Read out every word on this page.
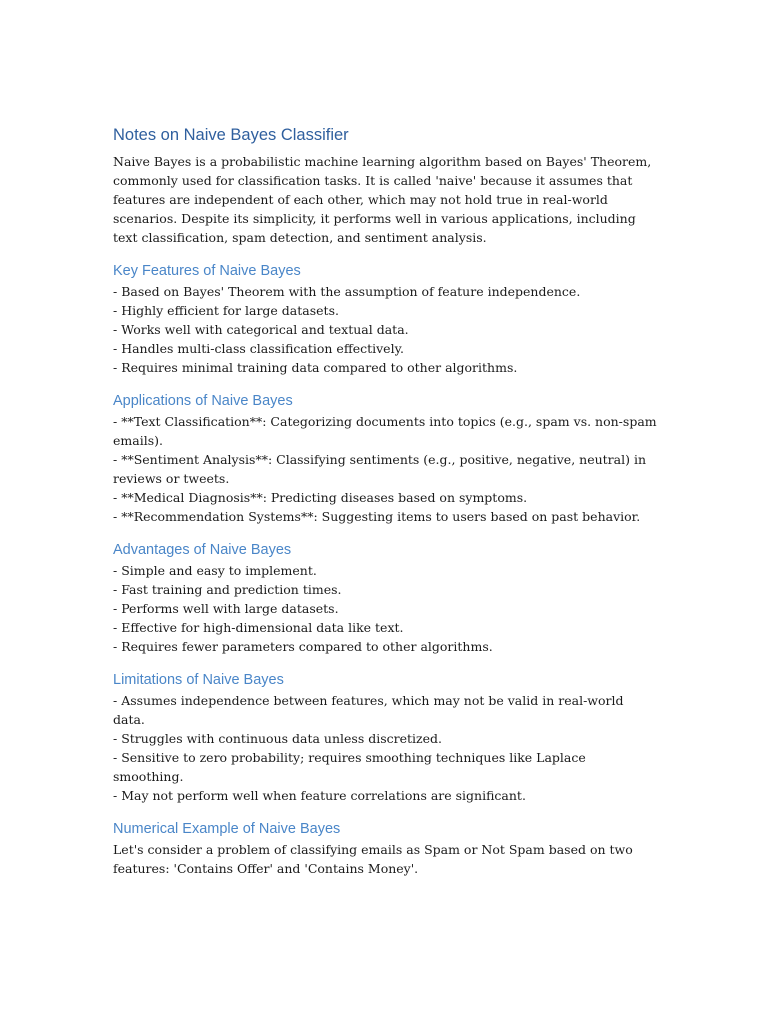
Notes on Naive Bayes Classifier

Naive Bayes is a probabilistic machine learning algorithm based on Bayes' Theorem, commonly used for classification tasks. It is called 'naive' because it assumes that features are independent of each other, which may not hold true in real-world scenarios. Despite its simplicity, it performs well in various applications, including text classification, spam detection, and sentiment analysis.

Key Features of Naive Bayes
- Based on Bayes' Theorem with the assumption of feature independence.
- Highly efficient for large datasets.
- Works well with categorical and textual data.
- Handles multi-class classification effectively.
- Requires minimal training data compared to other algorithms.
Applications of Naive Bayes
- **Text Classification**: Categorizing documents into topics (e.g., spam vs. non-spam emails).
- **Sentiment Analysis**: Classifying sentiments (e.g., positive, negative, neutral) in reviews or tweets.
- **Medical Diagnosis**: Predicting diseases based on symptoms.
- **Recommendation Systems**: Suggesting items to users based on past behavior.
Advantages of Naive Bayes
- Simple and easy to implement.
- Fast training and prediction times.
- Performs well with large datasets.
- Effective for high-dimensional data like text.
- Requires fewer parameters compared to other algorithms.
Limitations of Naive Bayes
- Assumes independence between features, which may not be valid in real-world data.
- Struggles with continuous data unless discretized.
- Sensitive to zero probability; requires smoothing techniques like Laplace smoothing.
- May not perform well when feature correlations are significant.
Numerical Example of Naive Bayes

Let's consider a problem of classifying emails as Spam or Not Spam based on two features: 'Contains Offer' and 'Contains Money'.
